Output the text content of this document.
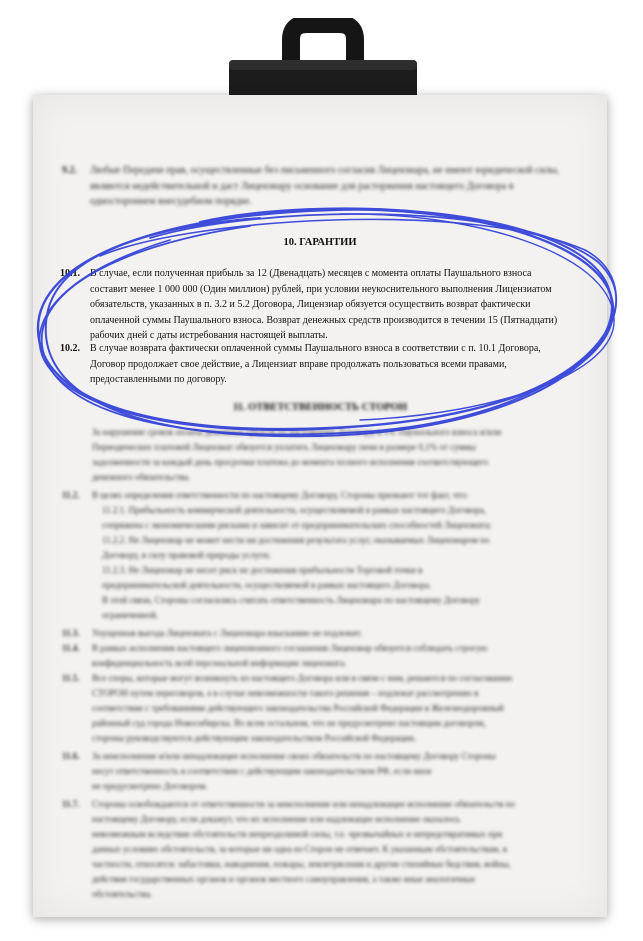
9.2.	Любые Передачи прав, осуществленные без письменного согласия Лицензиара, не имеют юридической силы,
являются недействительной и даст Лицензиару основание для расторжения настоящего Договора в
одностороннем внесудебном порядке.
10. ГАРАНТИИ
10.1.	В случае, если полученная прибыль за 12 (Двенадцать) месяцев с момента оплаты Паушального взноса
составит менее 1 000 000 (Один миллион) рублей, при условии неукоснительного выполнения Лицензиатом
обязательств, указанных в п. 3.2 и 5.2 Договора, Лицензиар обязуется осуществить возврат фактически
оплаченной суммы Паушального взноса. Возврат денежных средств производится в течении 15 (Пятнадцати)
рабочих дней с даты истребования настоящей выплаты.
10.2.	В случае возврата фактически оплаченной суммы Паушального взноса в соответствии с п. 10.1 Договора,
Договор продолжает свое действие, а Лицензиат вправе продолжать пользоваться всеми правами,
предоставленными по договору.
11. ОТВЕТСТВЕННОСТЬ СТОРОН
За нарушение сроков оплаты денежных средств по настоящему Договору, в т.ч. Паушального взноса и/или
Периодических платежей Лицензиат обязуется уплатить Лицензиару пени в размере 0,1% от суммы
задолженности за каждый день просрочки платежа до момента полного исполнения соответствующего
денежного обязательства.
11.2.	В целях определения ответственности по настоящему Договору, Стороны признают тот факт, что:
11.2.1. Прибыльность коммерческой деятельности, осуществляемой в рамках настоящего Договора,
сопряжена с экономическими рисками и зависит от предпринимательских способностей Лицензиата;
11.2.2. Не Лицензиар не может нести ни достижения результата услуг, оказываемых Лицензиаром по
Договору, в силу правовой природы услуги;
11.2.3. Не Лицензиар не несет риск не достижения прибыльности Торговой точки в
предпринимательской деятельности, осуществляемой в рамках настоящего Договора.
В этой связи, Стороны согласились считать ответственность Лицензиара по настоящему Договору
ограниченной.
11.3.	Упущенная выгода Лицензиата с Лицензиара взысканию не подлежит.
11.4.	В рамках исполнения настоящего лицензионного соглашения Лицензиар обязуется соблюдать строгую
конфиденциальность всей персональной информации лицензиата.
11.5.	Все споры, которые могут возникнуть из настоящего Договора или в связи с ним, решаются по согласованию
СТОРОН путем переговоров, а в случае невозможности такого решения – подлежат рассмотрению в
соответствии с требованиями действующего законодательства Российской Федерации в Железнодорожный
районный суд города Новосибирска. Во всем остальном, что не предусмотрено настоящим договором,
стороны руководствуются действующим законодательством Российской Федерации.
11.6.	За неисполнение и/или ненадлежащее исполнение своих обязательств по настоящему Договору Стороны
несут ответственность в соответствии с действующим законодательством РФ, если иное
не предусмотрено Договором.
11.7.	Стороны освобождаются от ответственности за неисполнение или ненадлежащее исполнение обязательств по
настоящему Договору, если докажут, что их исполнение или надлежащее исполнение оказалось
невозможным вследствие обстоятельств непреодолимой силы, т.е. чрезвычайных и непредотвратимых при
данных условиях обстоятельств, за которые ни одна из Сторон не отвечает. К указанным обстоятельствам, в
частности, относятся: забастовки, наводнения, пожары, землетрясения и другие стихийные бедствия, войны,
действия государственных органов и органов местного самоуправления, а также иные аналогичные
обстоятельства.
